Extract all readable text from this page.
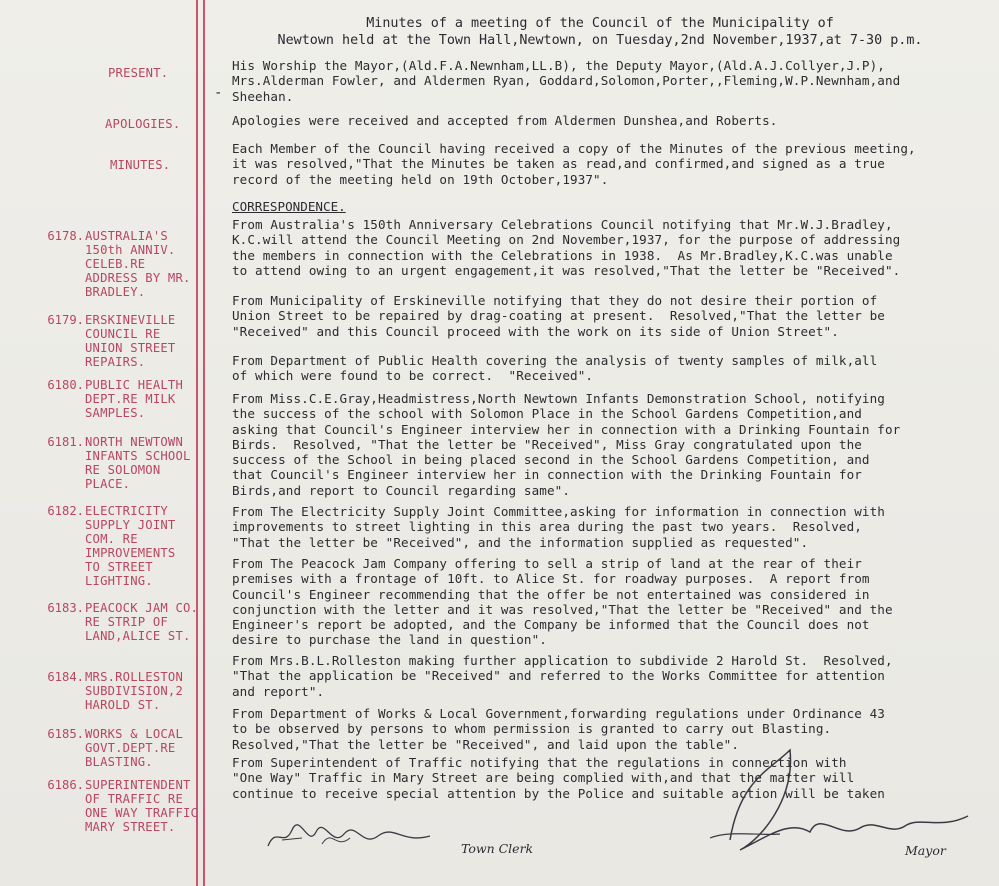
Minutes of a meeting of the Council of the Municipality of
Newtown held at the Town Hall,Newtown, on Tuesday,2nd November,1937,at 7-30 p.m.
PRESENT.	His Worship the Mayor,(Ald.F.A.Newnham,LL.B), the Deputy Mayor,(Ald.A.J.Collyer,J.P),
Mrs.Alderman Fowler, and Aldermen Ryan, Goddard,Solomon,Porter,,Fleming,W.P.Newnham,and
Sheehan.
-
APOLOGIES.	Apologies were received and accepted from Aldermen Dunshea,and Roberts.
MINUTES.
Each Member of the Council having received a copy of the Minutes of the previous meeting,
it was resolved,"That the Minutes be taken as read,and confirmed,and signed as a true
record of the meeting held on 19th October,1937".
CORRESPONDENCE.
6178. AUSTRALIA'S
150th ANNIV.
CELEB.RE
ADDRESS BY MR.
BRADLEY.
From Australia's 150th Anniversary Celebrations Council notifying that Mr.W.J.Bradley,
K.C.will attend the Council Meeting on 2nd November,1937, for the purpose of addressing
the members in connection with the Celebrations in 1938.  As Mr.Bradley,K.C.was unable
to attend owing to an urgent engagement,it was resolved,"That the letter be "Received".
6179. ERSKINEVILLE
COUNCIL RE
UNION STREET
REPAIRS.
From Municipality of Erskineville notifying that they do not desire their portion of
Union Street to be repaired by drag-coating at present.  Resolved,"That the letter be
"Received" and this Council proceed with the work on its side of Union Street".
6180. PUBLIC HEALTH
DEPT.RE MILK
SAMPLES.
From Department of Public Health covering the analysis of twenty samples of milk,all
of which were found to be correct.  "Received".
6181. NORTH NEWTOWN
INFANTS SCHOOL
RE SOLOMON
PLACE.
From Miss.C.E.Gray,Headmistress,North Newtown Infants Demonstration School, notifying
the success of the school with Solomon Place in the School Gardens Competition,and
asking that Council's Engineer interview her in connection with a Drinking Fountain for
Birds.  Resolved, "That the letter be "Received", Miss Gray congratulated upon the
success of the School in being placed second in the School Gardens Competition, and
that Council's Engineer interview her in connection with the Drinking Fountain for
Birds,and report to Council regarding same".
6182. ELECTRICITY
SUPPLY JOINT
COM. RE
IMPROVEMENTS
TO STREET
LIGHTING.
From The Electricity Supply Joint Committee,asking for information in connection with
improvements to street lighting in this area during the past two years.  Resolved,
"That the letter be "Received", and the information supplied as requested".
6183. PEACOCK JAM CO.
RE STRIP OF
LAND,ALICE ST.
From The Peacock Jam Company offering to sell a strip of land at the rear of their
premises with a frontage of 10ft. to Alice St. for roadway purposes.  A report from
Council's Engineer recommending that the offer be not entertained was considered in
conjunction with the letter and it was resolved,"That the letter be "Received" and the
Engineer's report be adopted, and the Company be informed that the Council does not
desire to purchase the land in question".
6184. MRS.ROLLESTON
SUBDIVISION,2
HAROLD ST.
From Mrs.B.L.Rolleston making further application to subdivide 2 Harold St.  Resolved,
"That the application be "Received" and referred to the Works Committee for attention
and report".
6185. WORKS & LOCAL
GOVT.DEPT.RE
BLASTING.
From Department of Works & Local Government,forwarding regulations under Ordinance 43
to be observed by persons to whom permission is granted to carry out Blasting.
Resolved,"That the letter be "Received", and laid upon the table".
6186. SUPERINTENDENT
OF TRAFFIC RE
ONE WAY TRAFFIC
MARY STREET.
From Superintendent of Traffic notifying that the regulations in connection with
"One Way" Traffic in Mary Street are being complied with,and that the matter will
continue to receive special attention by the Police and suitable action will be taken
Town Clerk	Mayor
